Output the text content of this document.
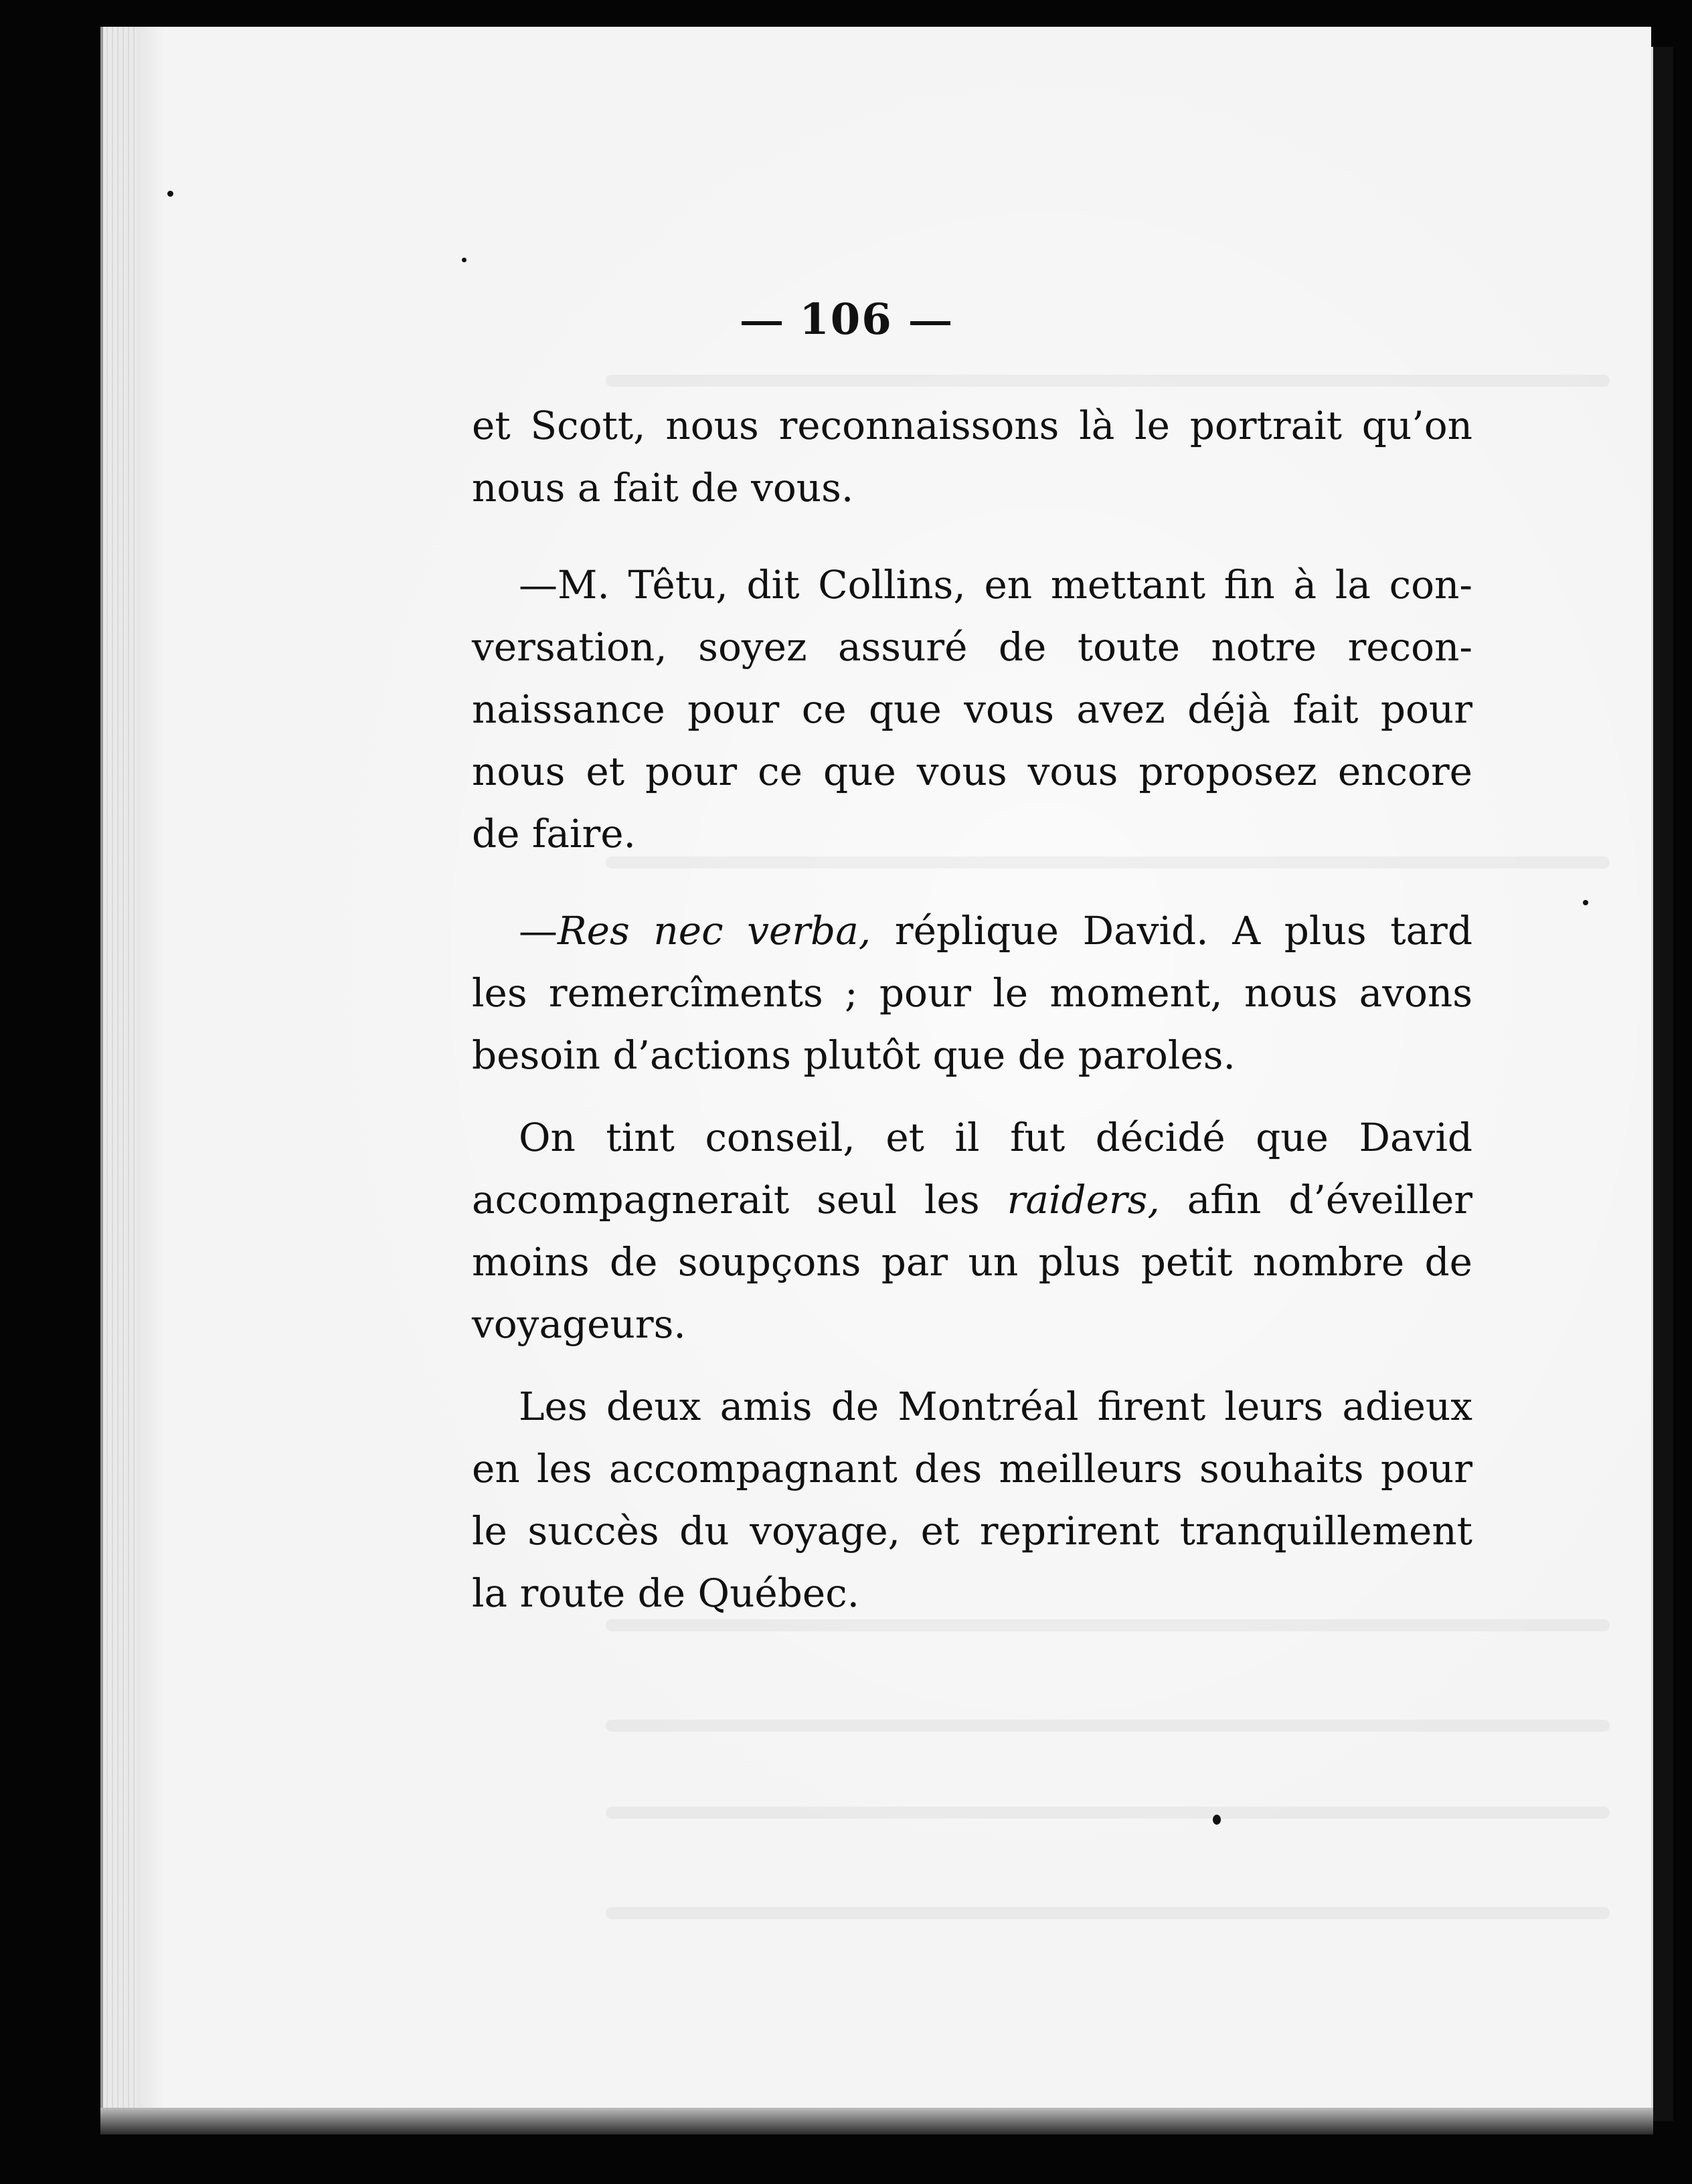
106
et Scott, nous reconnaissons là le portrait qu’on
nous a fait de vous.
—M. Têtu, dit Collins, en mettant fin à la con-
versation, soyez assuré de toute notre recon-
naissance pour ce que vous avez déjà fait pour
nous et pour ce que vous vous proposez encore
de faire.
—Res nec verba, réplique David. A plus tard
les remercîments ; pour le moment, nous avons
besoin d’actions plutôt que de paroles.
On tint conseil, et il fut décidé que David
accompagnerait seul les raiders, afin d’éveiller
moins de soupçons par un plus petit nombre de
voyageurs.
Les deux amis de Montréal firent leurs adieux
en les accompagnant des meilleurs souhaits pour
le succès du voyage, et reprirent tranquillement
la route de Québec.
